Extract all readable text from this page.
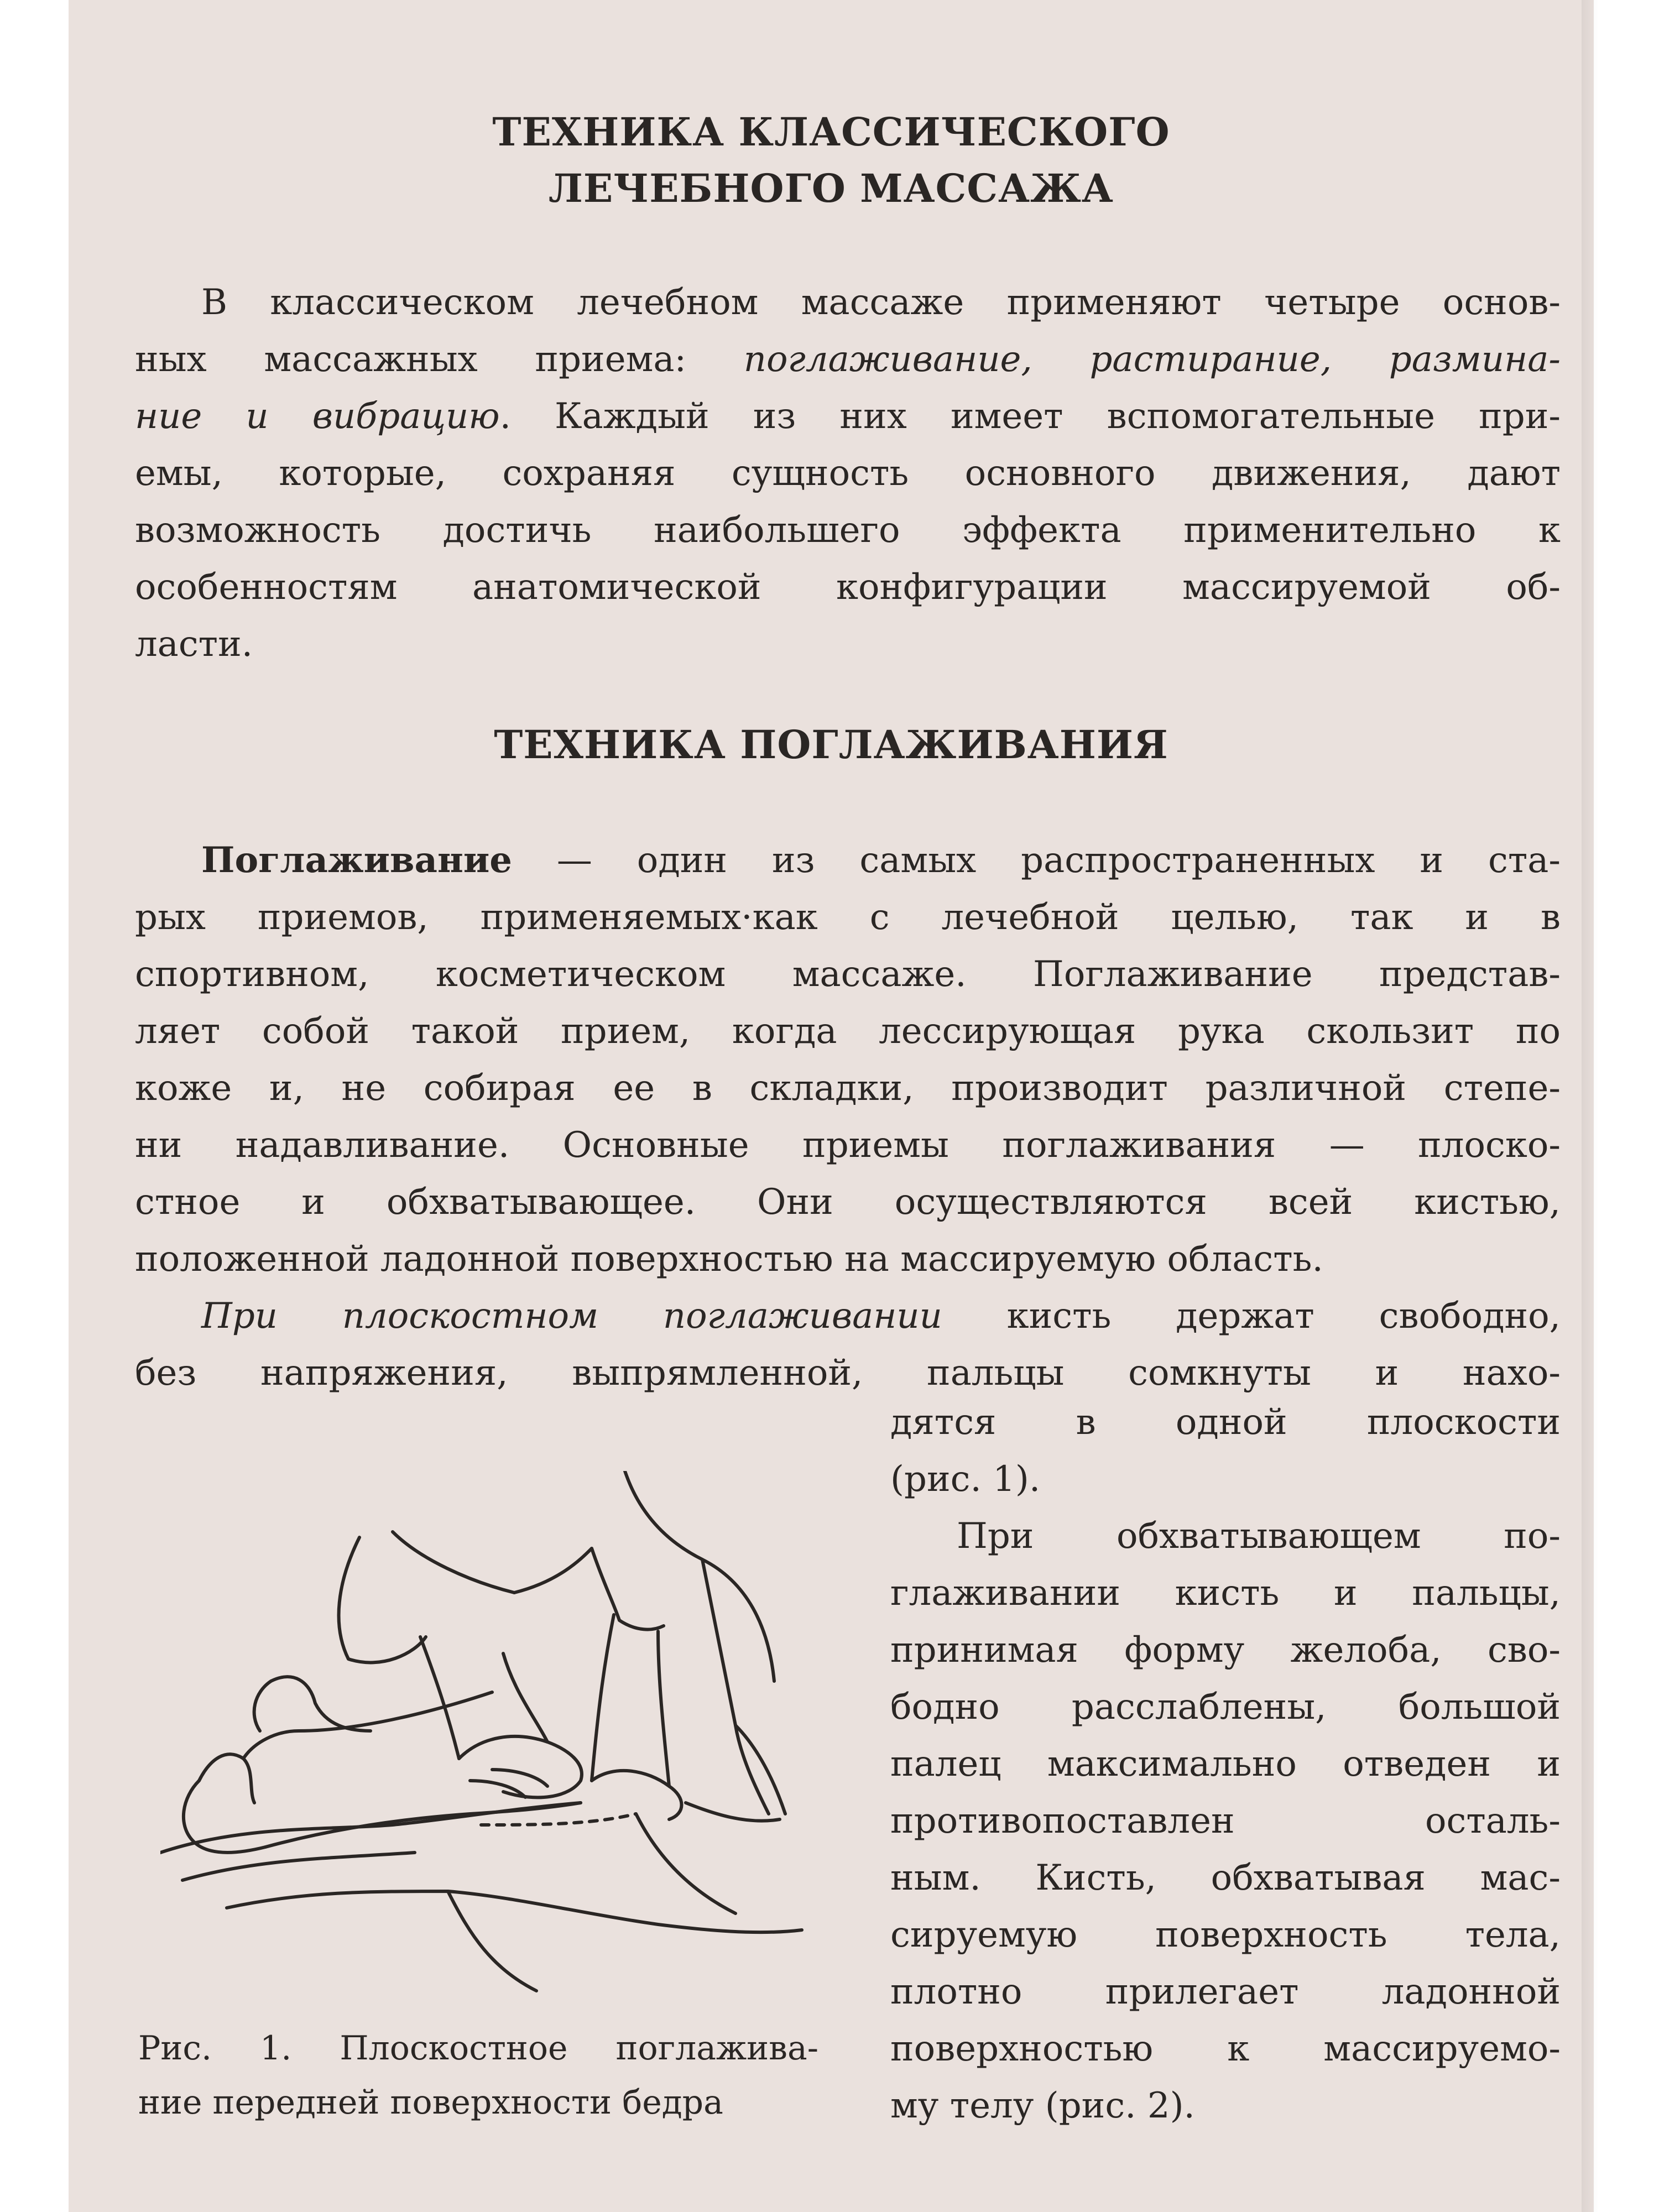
ТЕХНИКА КЛАССИЧЕСКОГО
ЛЕЧЕБНОГО МАССАЖА
В классическом лечебном массаже применяют четыре основ-
ных массажных приема: поглаживание, растирание, размина-
ние и вибрацию. Каждый из них имеет вспомогательные при-
емы, которые, сохраняя сущность основного движения, дают
возможность достичь наибольшего эффекта применительно к
особенностям анатомической конфигурации массируемой об-
ласти.
ТЕХНИКА ПОГЛАЖИВАНИЯ
Поглаживание — один из самых распространенных и ста-
рых приемов, применяемых·как с лечебной целью, так и в
спортивном, косметическом массаже. Поглаживание представ-
ляет собой такой прием, когда лессирующая рука скользит по
коже и, не собирая ее в складки, производит различной степе-
ни надавливание. Основные приемы поглаживания — плоско-
стное и обхватывающее. Они осуществляются всей кистью,
положенной ладонной поверхностью на массируемую область.
При плоскостном поглаживании кисть держат свободно,
без напряжения, выпрямленной, пальцы сомкнуты и нахо-
дятся в одной плоскости
(рис. 1).
При обхватывающем по-
глаживании кисть и пальцы,
принимая форму желоба, сво-
бодно расслаблены, большой
палец максимально отведен и
противопоставлен осталь-
ным. Кисть, обхватывая мас-
сируемую поверхность тела,
плотно прилегает ладонной
поверхностью к массируемо-
му телу (рис. 2).
Рис. 1. Плоскостное поглажива-
ние передней поверхности бедра
